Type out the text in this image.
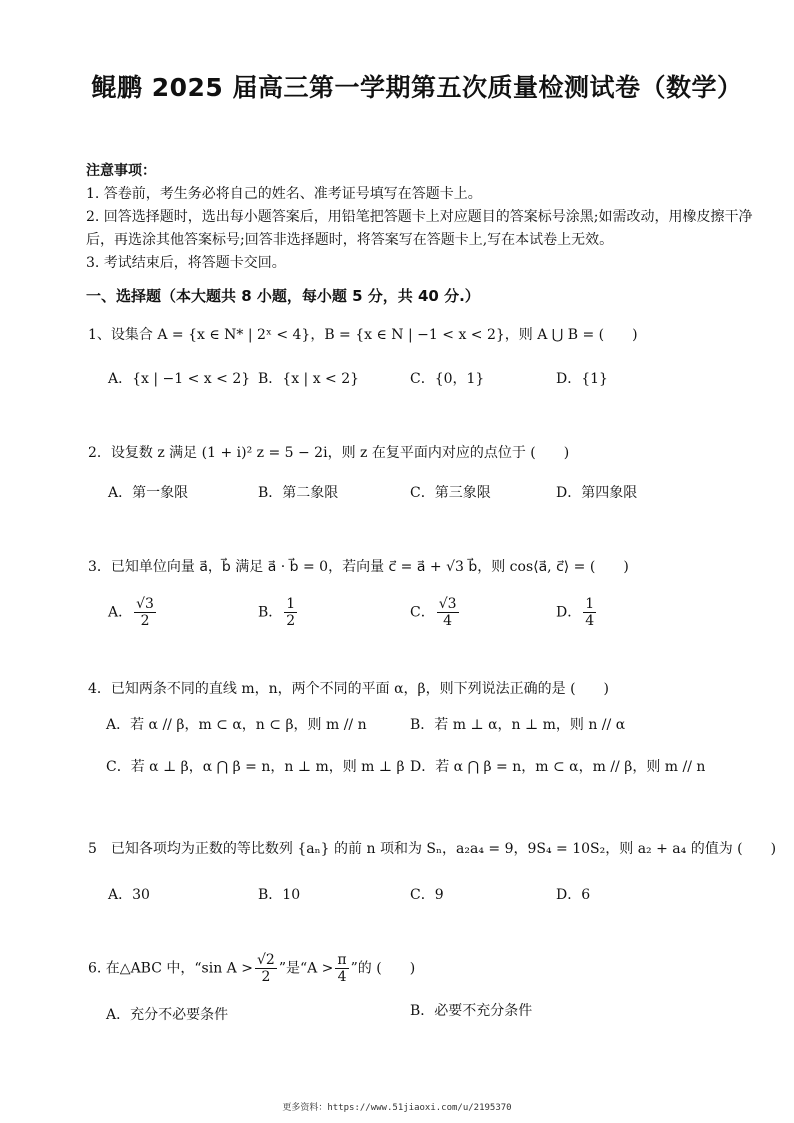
鲲鹏 2025 届高三第一学期第五次质量检测试卷（数学）
注意事项：
1. 答卷前，考生务必将自己的姓名、准考证号填写在答题卡上。
2. 回答选择题时，选出每小题答案后，用铅笔把答题卡上对应题目的答案标号涂黑;如需改动，用橡皮擦干净后，再选涂其他答案标号;回答非选择题时，将答案写在答题卡上,写在本试卷上无效。
3. 考试结束后，将答题卡交回。
一、选择题（本大题共 8 小题，每小题 5 分，共 40 分.）
1、设集合 A = {x ∈ N* | 2ˣ < 4}，B = {x ∈ N | −1 < x < 2}，则 A ⋃ B = (　　)
A．{x | −1 < x < 2} B．{x | x < 2}	C．{0，1}	D．{1}
2．设复数 z 满足 (1 + i)² z = 5 − 2i，则 z 在复平面内对应的点位于 (　　)
A．第一象限	B．第二象限	C．第三象限	D．第四象限
3．已知单位向量 a⃗，b⃗ 满足 a⃗ · b⃗ = 0，若向量 c⃗ = a⃗ + √3 b⃗，则 cos⟨a⃗, c⃗⟩ = (　　)
A． $\frac{√3}{2}$	B． $\frac{1}{2}$	C． $\frac{√3}{4}$	D． $\frac{1}{4}$
4．已知两条不同的直线 m，n，两个不同的平面 α，β，则下列说法正确的是 (　　)
A．若 α // β，m ⊂ α，n ⊂ β，则 m // n	B．若 m ⊥ α，n ⊥ m，则 n // α
C．若 α ⊥ β，α ⋂ β = n，n ⊥ m，则 m ⊥ β D．若 α ⋂ β = n，m ⊂ α，m // β，则 m // n
5　已知各项均为正数的等比数列 {aₙ} 的前 n 项和为 Sₙ，a₂a₄ = 9，9S₄ = 10S₂，则 a₂ + a₄ 的值为 (　　)
A．30	B．10	C．9	D．6
6. 在△ABC 中，“sin $A > \frac{√2}{2}$ ”是“$A > \frac{\pi}{4}$ ”的 (　　)
A．充分不必要条件	B．必要不充分条件
更多资料：https://www.51jiaoxi.com/u/2195370
